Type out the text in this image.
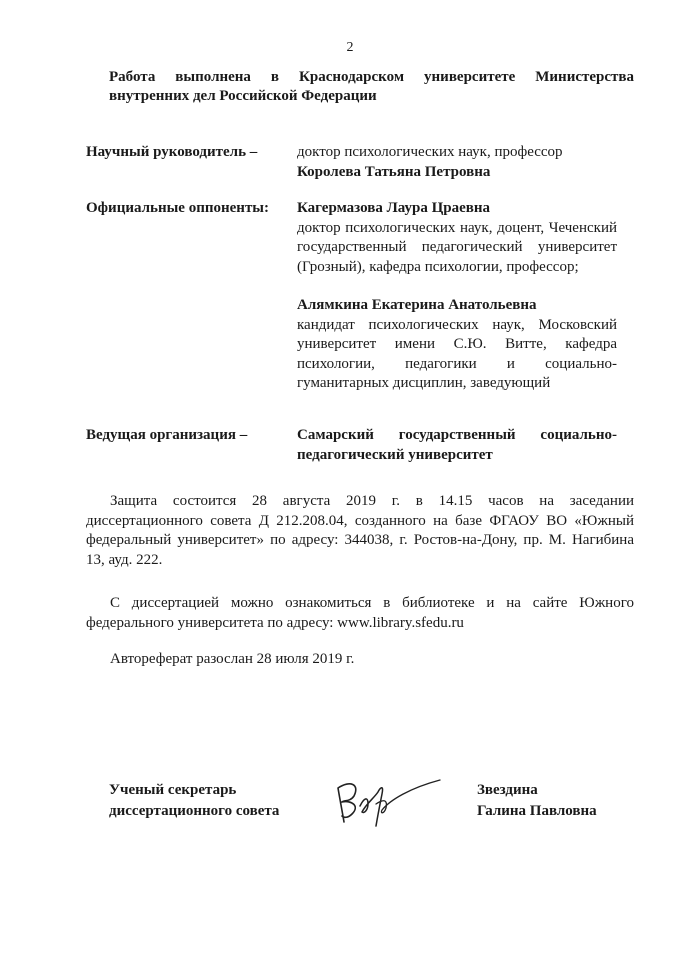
2
Работа выполнена в Краснодарском университете Министерства внутренних дел Российской Федерации
Научный руководитель –	доктор психологических наук, профессор
Королева Татьяна Петровна
Официальные оппоненты: Кагермазова Лаура Цраевна
доктор психологических наук, доцент, Чеченский государственный педагогический университет (Грозный), кафедра психологии, профессор;
Алямкина Екатерина Анатольевна
кандидат психологических наук, Московский университет имени С.Ю. Витте, кафедра психологии, педагогики и социально-гуманитарных дисциплин, заведующий
Ведущая организация –	Самарский государственный социально-педагогический университет
Защита состоится 28 августа 2019 г. в 14.15 часов на заседании диссертационного совета Д 212.208.04, созданного на базе ФГАОУ ВО «Южный федеральный университет» по адресу: 344038, г. Ростов-на-Дону, пр. М. Нагибина 13, ауд. 222.
С диссертацией можно ознакомиться в библиотеке и на сайте Южного федерального университета по адресу: www.library.sfedu.ru
Автореферат разослан 28 июля 2019 г.
Ученый секретарь
диссертационного совета
Звездина
Галина Павловна
